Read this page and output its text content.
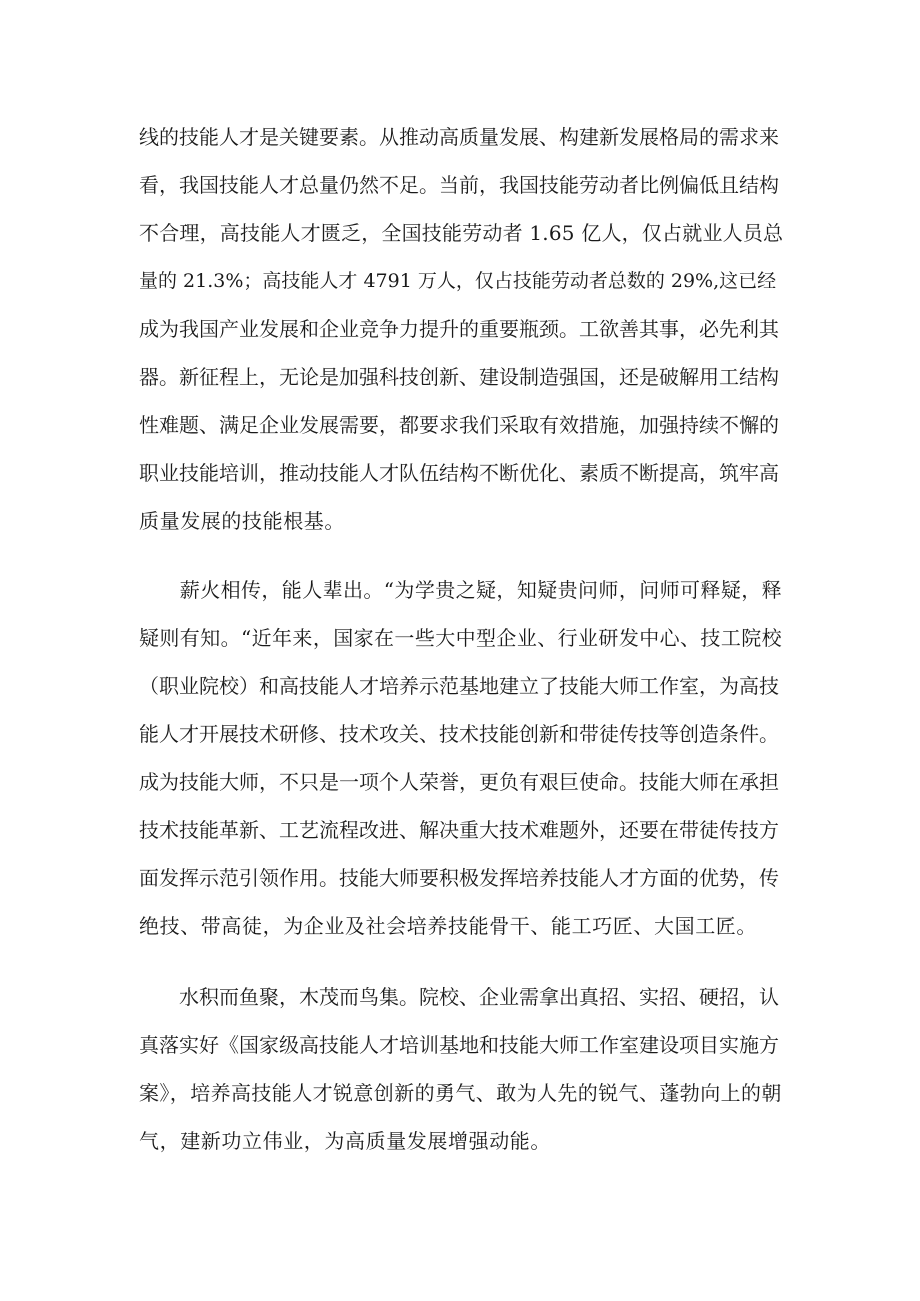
线的技能人才是关键要素。从推动高质量发展、构建新发展格局的需求来
看，我国技能人才总量仍然不足。当前，我国技能劳动者比例偏低且结构
不合理，高技能人才匮乏，全国技能劳动者 1.65 亿人，仅占就业人员总
量的 21.3%；高技能人才 4791 万人，仅占技能劳动者总数的 29%,这已经
成为我国产业发展和企业竞争力提升的重要瓶颈。工欲善其事，必先利其
器。新征程上，无论是加强科技创新、建设制造强国，还是破解用工结构
性难题、满足企业发展需要，都要求我们采取有效措施，加强持续不懈的
职业技能培训，推动技能人才队伍结构不断优化、素质不断提高，筑牢高
质量发展的技能根基。
　　薪火相传，能人辈出。“为学贵之疑，知疑贵问师，问师可释疑，释
疑则有知。“近年来，国家在一些大中型企业、行业研发中心、技工院校
（职业院校）和高技能人才培养示范基地建立了技能大师工作室，为高技
能人才开展技术研修、技术攻关、技术技能创新和带徒传技等创造条件。
成为技能大师，不只是一项个人荣誉，更负有艰巨使命。技能大师在承担
技术技能革新、工艺流程改进、解决重大技术难题外，还要在带徒传技方
面发挥示范引领作用。技能大师要积极发挥培养技能人才方面的优势，传
绝技、带高徒，为企业及社会培养技能骨干、能工巧匠、大国工匠。
　　水积而鱼聚，木茂而鸟集。院校、企业需拿出真招、实招、硬招，认
真落实好《国家级高技能人才培训基地和技能大师工作室建设项目实施方
案》，培养高技能人才锐意创新的勇气、敢为人先的锐气、蓬勃向上的朝
气，建新功立伟业，为高质量发展增强动能。
